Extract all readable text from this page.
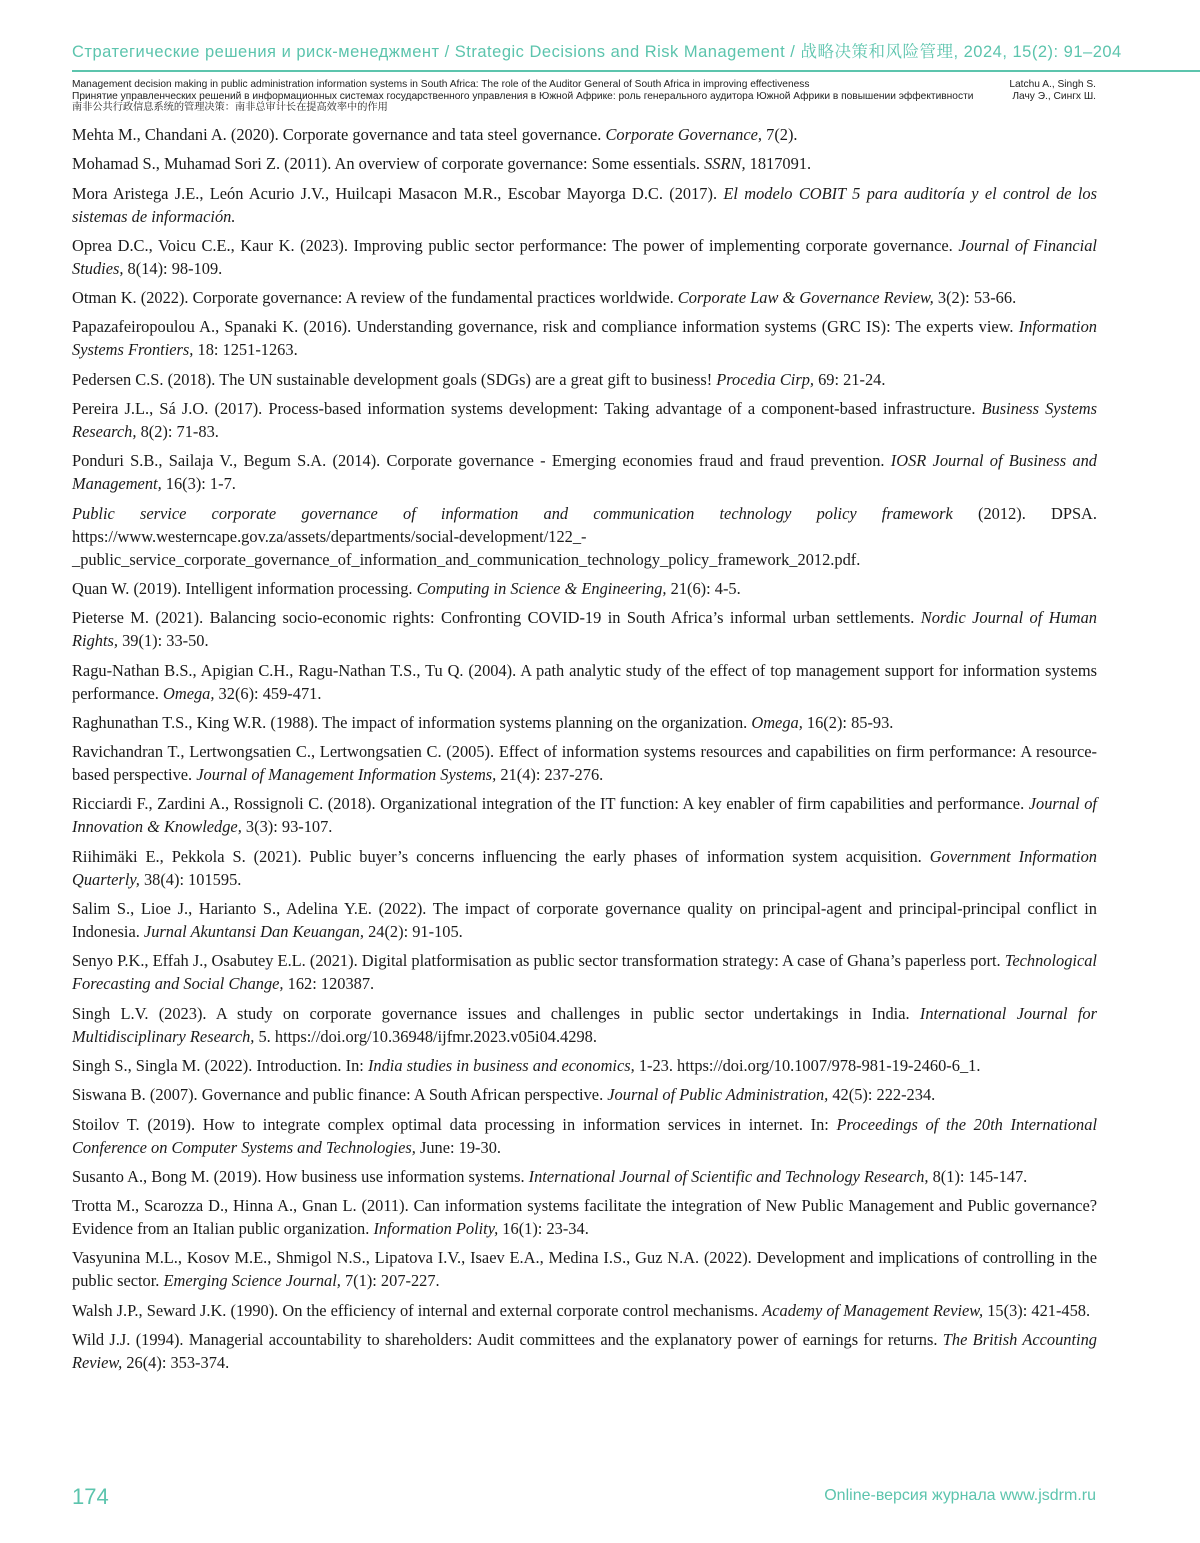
Стратегические решения и риск-менеджмент / Strategic Decisions and Risk Management / 战略决策和风险管理, 2024, 15(2): 91–204
Management decision making in public administration information systems in South Africa: The role of the Auditor General of South Africa in improving effectiveness	Latchu A., Singh S.
Принятие управленческих решений в информационных системах государственного управления в Южной Африке: роль генерального аудитора Южной Африки в повышении эффективности	Лачу Э., Сингх Ш.
南非公共行政信息系统的管理决策：南非总审计长在提高效率中的作用
Mehta M., Chandani A. (2020). Corporate governance and tata steel governance. Corporate Governance, 7(2).
Mohamad S., Muhamad Sori Z. (2011). An overview of corporate governance: Some essentials. SSRN, 1817091.
Mora Aristega J.E., León Acurio J.V., Huilcapi Masacon M.R., Escobar Mayorga D.C. (2017). El modelo COBIT 5 para auditoría y el control de los sistemas de información.
Oprea D.C., Voicu C.E., Kaur K. (2023). Improving public sector performance: The power of implementing corporate governance. Journal of Financial Studies, 8(14): 98-109.
Otman K. (2022). Corporate governance: A review of the fundamental practices worldwide. Corporate Law & Governance Review, 3(2): 53-66.
Papazafeiropoulou A., Spanaki K. (2016). Understanding governance, risk and compliance information systems (GRC IS): The experts view. Information Systems Frontiers, 18: 1251-1263.
Pedersen C.S. (2018). The UN sustainable development goals (SDGs) are a great gift to business! Procedia Cirp, 69: 21-24.
Pereira J.L., Sá J.O. (2017). Process-based information systems development: Taking advantage of a component-based infrastructure. Business Systems Research, 8(2): 71-83.
Ponduri S.B., Sailaja V., Begum S.A. (2014). Corporate governance - Emerging economies fraud and fraud prevention. IOSR Journal of Business and Management, 16(3): 1-7.
Public service corporate governance of information and communication technology policy framework (2012). DPSA. https://www.westerncape.gov.za/assets/departments/social-development/122_-_public_service_corporate_governance_of_information_and_communication_technology_policy_framework_2012.pdf.
Quan W. (2019). Intelligent information processing. Computing in Science & Engineering, 21(6): 4-5.
Pieterse M. (2021). Balancing socio-economic rights: Confronting COVID-19 in South Africa’s informal urban settlements. Nordic Journal of Human Rights, 39(1): 33-50.
Ragu-Nathan B.S., Apigian C.H., Ragu-Nathan T.S., Tu Q. (2004). A path analytic study of the effect of top management support for information systems performance. Omega, 32(6): 459-471.
Raghunathan T.S., King W.R. (1988). The impact of information systems planning on the organization. Omega, 16(2): 85-93.
Ravichandran T., Lertwongsatien C., Lertwongsatien C. (2005). Effect of information systems resources and capabilities on firm performance: A resource-based perspective. Journal of Management Information Systems, 21(4): 237-276.
Ricciardi F., Zardini A., Rossignoli C. (2018). Organizational integration of the IT function: A key enabler of firm capabilities and performance. Journal of Innovation & Knowledge, 3(3): 93-107.
Riihimäki E., Pekkola S. (2021). Public buyer’s concerns influencing the early phases of information system acquisition. Government Information Quarterly, 38(4): 101595.
Salim S., Lioe J., Harianto S., Adelina Y.E. (2022). The impact of corporate governance quality on principal-agent and principal-principal conflict in Indonesia. Jurnal Akuntansi Dan Keuangan, 24(2): 91-105.
Senyo P.K., Effah J., Osabutey E.L. (2021). Digital platformisation as public sector transformation strategy: A case of Ghana’s paperless port. Technological Forecasting and Social Change, 162: 120387.
Singh L.V. (2023). A study on corporate governance issues and challenges in public sector undertakings in India. International Journal for Multidisciplinary Research, 5. https://doi.org/10.36948/ijfmr.2023.v05i04.4298.
Singh S., Singla M. (2022). Introduction. In: India studies in business and economics, 1-23. https://doi.org/10.1007/978-981-19-2460-6_1.
Siswana B. (2007). Governance and public finance: A South African perspective. Journal of Public Administration, 42(5): 222-234.
Stoilov T. (2019). How to integrate complex optimal data processing in information services in internet. In: Proceedings of the 20th International Conference on Computer Systems and Technologies, June: 19-30.
Susanto A., Bong M. (2019). How business use information systems. International Journal of Scientific and Technology Research, 8(1): 145-147.
Trotta M., Scarozza D., Hinna A., Gnan L. (2011). Can information systems facilitate the integration of New Public Management and Public governance? Evidence from an Italian public organization. Information Polity, 16(1): 23-34.
Vasyunina M.L., Kosov M.E., Shmigol N.S., Lipatova I.V., Isaev E.A., Medina I.S., Guz N.A. (2022). Development and implications of controlling in the public sector. Emerging Science Journal, 7(1): 207-227.
Walsh J.P., Seward J.K. (1990). On the efficiency of internal and external corporate control mechanisms. Academy of Management Review, 15(3): 421-458.
Wild J.J. (1994). Managerial accountability to shareholders: Audit committees and the explanatory power of earnings for returns. The British Accounting Review, 26(4): 353-374.
174	Online-версия журнала www.jsdrm.ru
